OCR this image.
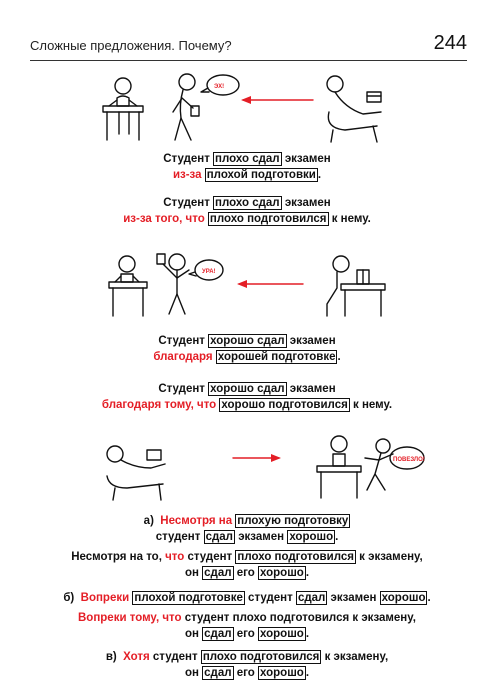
Сложные предложения. Почему?	244
ЭХ!
Студент плохо сдал экзамен
из-за плохой подготовки .
Студент плохо сдал экзамен
из-за того, что плохо подготовился к нему.
УРА!
Студент хорошо сдал экзамен
благодаря хорошей подготовке .
Студент хорошо сдал экзамен
благодаря тому, что хорошо подготовился к нему.
ПОВЕЗЛО!
а) Несмотря на плохую подготовку
студент сдал экзамен хорошо .
Несмотря на то, что студент плохо подготовился к экзамену,
он сдал его хорошо .
б) Вопреки плохой подготовке студент сдал экзамен хорошо .
Вопреки тому, что студент плохо подготовился к экзамену,
он сдал его хорошо .
в) Хотя студент плохо подготовился к экзамену,
он сдал его хорошо .
